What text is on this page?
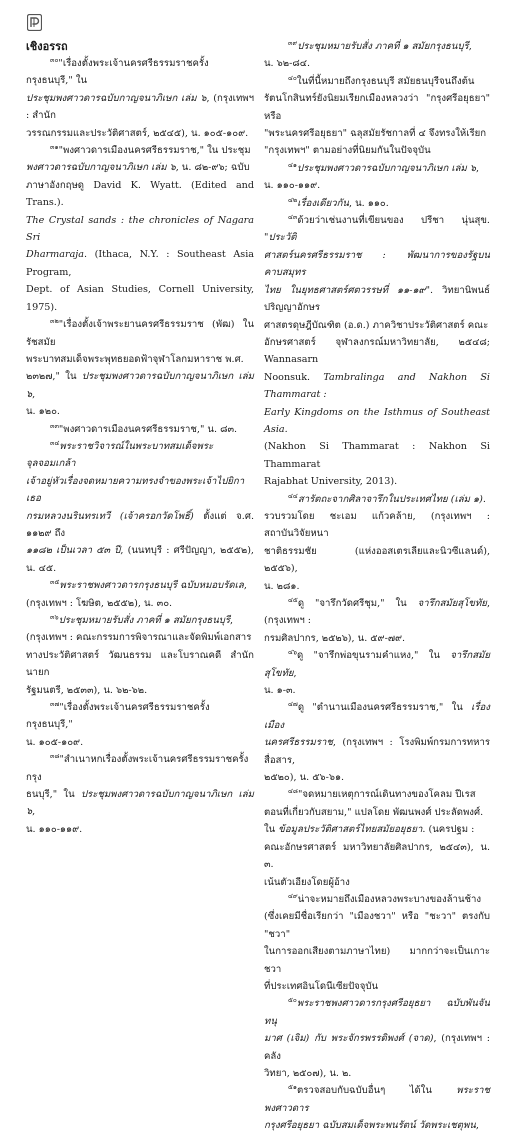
เชิงอรรถ

$^{๓๐}$"เรื่องตั้งพระเจ้านครศรีธรรมราชครั้งกรุงธนบุรี," ใน

ประชุมพงศาวดารฉบับกาญจนาภิเษก เล่ม ๖, (กรุงเทพฯ : สำนัก

วรรณกรรมและประวัติศาสตร์, ๒๕๔๕), น. ๑๐๕-๑๐๙.

$^{๓๑}$"พงศาวดารเมืองนครศรีธรรมราช," ใน ประชุม

พงศาวดารฉบับกาญจนาภิเษก เล่ม ๖, น. ๘๒-๙๖; ฉบับ

ภาษาอังกฤษดู David K. Wyatt. (Edited and Trans.).

The Crystal sands : the chronicles of Nagara Sri

Dharmaraja. (Ithaca, N.Y. : Southeast Asia Program,

Dept. of Asian Studies, Cornell University, 1975).

$^{๓๒}$"เรื่องตั้งเจ้าพระยานครศรีธรรมราช (พัฒ) ในรัชสมัย

พระบาทสมเด็จพระพุทธยอดฟ้าจุฬาโลกมหาราช พ.ศ.

๒๓๒๗," ใน ประชุมพงศาวดารฉบับกาญจนาภิเษก เล่ม ๖,

น. ๑๒๐.

$^{๓๓}$"พงศาวดารเมืองนครศรีธรรมราช," น. ๘๓.

$^{๓๔}$พระราชวิจารณ์ในพระบาทสมเด็จพระจุลจอมเกล้า

เจ้าอยู่หัวเรื่องจดหมายความทรงจำของพระเจ้าไปยิกาเธอ

กรมหลวงนรินทรเทวี (เจ้าครอกวัดโพธิ์) ตั้งแต่ จ.ศ. ๑๑๒๙ ถึง

๑๑๘๒ เป็นเวลา ๕๓ ปี, (นนทบุรี : ศรีปัญญา, ๒๕๕๒), น. ๔๕.

$^{๓๕}$พระราชพงศาวดารกรุงธนบุรี ฉบับหมอบรัดเล,

(กรุงเทพฯ : โฆษิต, ๒๕๕๒), น. ๓๐.

$^{๓๖}$ประชุมหมายรับสั่ง ภาคที่ ๑ สมัยกรุงธนบุรี,

(กรุงเทพฯ : คณะกรรมการพิจารณาและจัดพิมพ์เอกสาร

ทางประวัติศาสตร์ วัฒนธรรม และโบราณคดี สำนักนายก

รัฐมนตรี, ๒๕๓๓), น. ๖๒-๖๒.

$^{๓๗}$"เรื่องตั้งพระเจ้านครศรีธรรมราชครั้งกรุงธนบุรี,"

น. ๑๐๕-๑๐๙.

$^{๓๘}$"สำเนาหกเรื่องตั้งพระเจ้านครศรีธรรมราชครั้งกรุง

ธนบุรี," ใน ประชุมพงศาวดารฉบับกาญจนาภิเษก เล่ม ๖,

น. ๑๑๐-๑๑๙.

$^{๓๙}$ประชุมหมายรับสั่ง ภาคที่ ๑ สมัยกรุงธนบุรี,

น. ๖๒-๘๔.

$^{๔๐}$ในที่นี้หมายถึงกรุงธนบุรี สมัยธนบุรีจนถึงต้น

รัตนโกสินทร์ยังนิยมเรียกเมืองหลวงว่า "กรุงศรีอยุธยา" หรือ

"พระนครศรีอยุธยา" ฉลุสมัยรัชกาลที่ ๔ จึงทรงให้เรียก

"กรุงเทพฯ" ตามอย่างที่นิยมกันในปัจจุบัน

$^{๔๑}$ประชุมพงศาวดารฉบับกาญจนาภิเษก เล่ม ๖,

น. ๑๑๐-๑๑๙.

$^{๔๒}$เรื่องเดียวกัน, น. ๑๑๐.

$^{๔๓}$ด้วยว่าเช่นงานที่เขียนของ ปรีชา นุ่นสุข. "ประวัติ

ศาสตร์นครศรีธรรมราช : พัฒนาการของรัฐบนคาบสมุทร

ไทย ในยุทธศาสตร์ศตวรรษที่ ๑๑-๑๙". วิทยานิพนธ์ปริญญาอักษร

ศาสตรดุษฎีบัณฑิต (อ.ด.) ภาควิชาประวัติศาสตร์ คณะ

อักษรศาสตร์ จุฬาลงกรณ์มหาวิทยาลัย, ๒๕๔๘; Wannasarn

Noonsuk. Tambralinga and Nakhon Si Thammarat :

Early Kingdoms on the Isthmus of Southeast Asia.

(Nakhon Si Thammarat : Nakhon Si Thammarat

Rajabhat University, 2013).

$^{๔๔}$สารัตถะจากศิลาจารึกในประเทศไทย (เล่ม ๑).

รวบรวมโดย ชะเอม แก้วคล้าย, (กรุงเทพฯ : สถาบันวิจัยหนา

ชาติธรรมชัย (แห่งออสเตรเลียและนิวซีแลนด์), ๒๕๕๖),

น. ๒๘๑.

$^{๔๕}$ดู "จารึกวัดศรีชุม," ใน จารึกสมัยสุโขทัย, (กรุงเทพฯ :

กรมศิลปากร, ๒๕๒๖), น. ๕๙-๗๙.

$^{๔๖}$ดู "จารึกพ่อขุนรามคำแหง," ใน จารึกสมัยสุโขทัย,

น. ๑-๓.

$^{๔๗}$ดู "ตำนานเมืองนครศรีธรรมราช," ใน เรื่องเมือง

นครศรีธรรมราช, (กรุงเทพฯ : โรงพิมพ์กรมการทหารสื่อสาร,

๒๕๒๐), น. ๕๖-๖๑.

$^{๔๘}$"จดหมายเหตุการณ์เดินทางของโคลม ปีเรส

ตอนที่เกี่ยวกับสยาม," แปลโดย พัฒนพงศ์ ประลัดพงศ์.

ใน ข้อมูลประวัติศาสตร์ไทยสมัยอยุธยา. (นครปฐม :

คณะอักษรศาสตร์ มหาวิทยาลัยศิลปากร, ๒๕๔๓), น. ๓.

เน้นตัวเอียงโดยผู้อ้าง

$^{๔๙}$น่าจะหมายถึงเมืองหลวงพระบางของล้านช้าง

(ซึ่งเคยมีชื่อเรียกว่า "เมืองชวา" หรือ "ชะวา" ตรงกับ "ชวา"

ในการออกเสียงตามภาษาไทย) มากกว่าจะเป็นเกาะชวา

ที่ประเทศอินโดนีเซียปัจจุบัน

$^{๕๐}$พระราชพงศาวดารกรุงศรีอยุธยา ฉบับพันจันทนุ

มาศ (เจิม) กับ พระจักรพรรดิพงศ์ (จาด), (กรุงเทพฯ : คลัง

วิทยา, ๒๕๐๗), น. ๒.

$^{๕๑}$ตรวจสอบกับฉบับอื่นๆ ได้ใน พระราชพงศาวดาร

กรุงศรีอยุธยา ฉบับสมเด็จพระพนรัตน์ วัดพระเชตุพน,
